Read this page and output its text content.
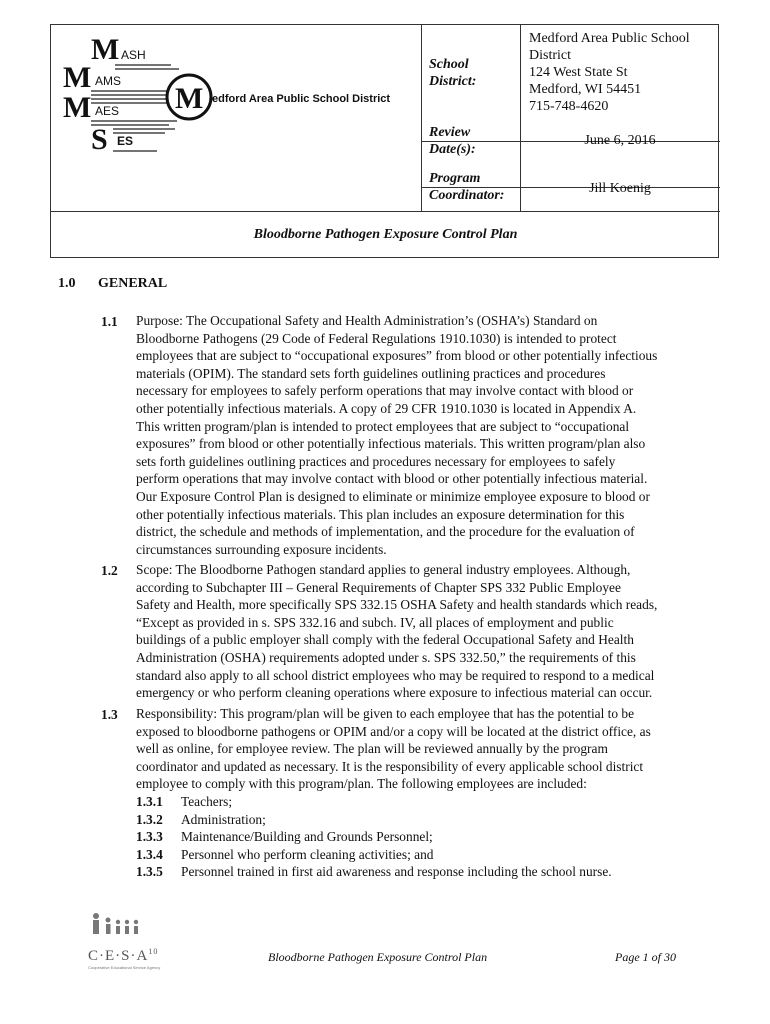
M
M
M
S
ASH
AMS
AES
ES
M edford Area Public School District
School District:
Medford Area Public School
District
124 West State St
Medford, WI 54451
715-748-4620
Review Date(s):
June 6, 2016
Program Coordinator:	Jill Koenig
Bloodborne Pathogen Exposure Control Plan
1.0 GENERAL
1.1 Purpose: The Occupational Safety and Health Administration’s (OSHA’s) Standard on
Bloodborne Pathogens (29 Code of Federal Regulations 1910.1030) is intended to protect
employees that are subject to “occupational exposures” from blood or other potentially infectious
materials (OPIM). The standard sets forth guidelines outlining practices and procedures
necessary for employees to safely perform operations that may involve contact with blood or
other potentially infectious materials. A copy of 29 CFR 1910.1030 is located in Appendix A.
This written program/plan is intended to protect employees that are subject to “occupational
exposures” from blood or other potentially infectious materials. This written program/plan also
sets forth guidelines outlining practices and procedures necessary for employees to safely
perform operations that may involve contact with blood or other potentially infectious material.
Our Exposure Control Plan is designed to eliminate or minimize employee exposure to blood or
other potentially infectious materials. This plan includes an exposure determination for this
district, the schedule and methods of implementation, and the procedure for the evaluation of
circumstances surrounding exposure incidents.
1.2 Scope: The Bloodborne Pathogen standard applies to general industry employees. Although,
according to Subchapter III – General Requirements of Chapter SPS 332 Public Employee
Safety and Health, more specifically SPS 332.15 OSHA Safety and health standards which reads,
“Except as provided in s. SPS 332.16 and subch. IV, all places of employment and public
buildings of a public employer shall comply with the federal Occupational Safety and Health
Administration (OSHA) requirements adopted under s. SPS 332.50,” the requirements of this
standard also apply to all school district employees who may be required to respond to a medical
emergency or who perform cleaning operations where exposure to infectious material can occur.
1.3 Responsibility: This program/plan will be given to each employee that has the potential to be
exposed to bloodborne pathogens or OPIM and/or a copy will be located at the district office, as
well as online, for employee review. The plan will be reviewed annually by the program
coordinator and updated as necessary. It is the responsibility of every applicable school district
employee to comply with this program/plan. The following employees are included:
1.3.1 Teachers;
1.3.2 Administration;
1.3.3 Maintenance/Building and Grounds Personnel;
1.3.4 Personnel who perform cleaning activities; and
1.3.5 Personnel trained in first aid awareness and response including the school nurse.
$C\cdot E\cdot S\cdot A^{10}$
Cooperative Educational Service Agency
Bloodborne Pathogen Exposure Control Plan	Page 1 of 30
